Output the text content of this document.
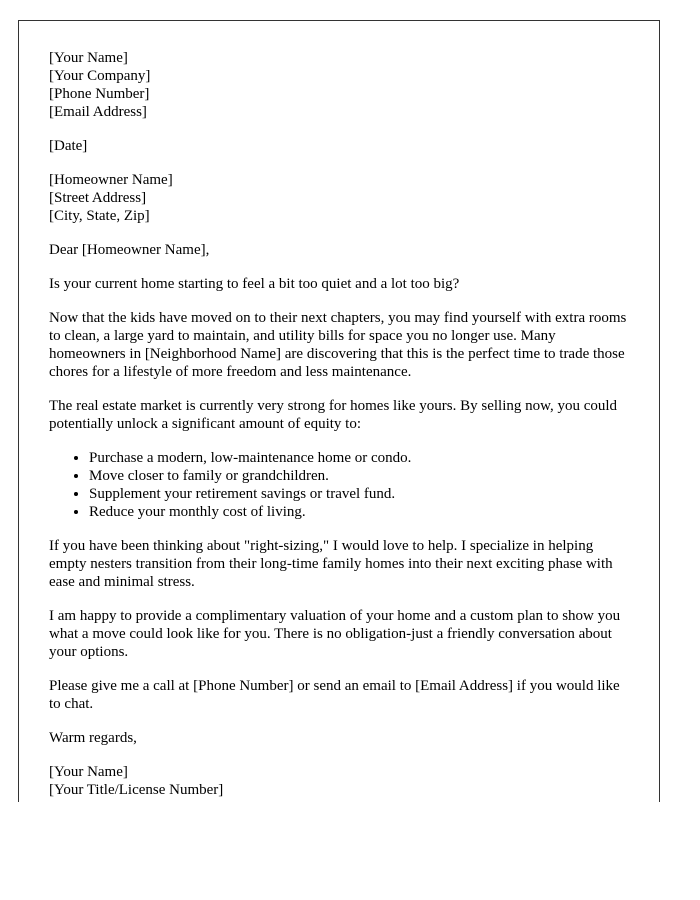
[Your Name]
[Your Company]
[Phone Number]
[Email Address]
[Date]
[Homeowner Name]
[Street Address]
[City, State, Zip]

Dear [Homeowner Name],

Is your current home starting to feel a bit too quiet and a lot too big?

Now that the kids have moved on to their next chapters, you may find yourself with extra rooms to clean, a large yard to maintain, and utility bills for space you no longer use. Many homeowners in [Neighborhood Name] are discovering that this is the perfect time to trade those chores for a lifestyle of more freedom and less maintenance.

The real estate market is currently very strong for homes like yours. By selling now, you could potentially unlock a significant amount of equity to:

• Purchase a modern, low-maintenance home or condo.
• Move closer to family or grandchildren.
• Supplement your retirement savings or travel fund.
• Reduce your monthly cost of living.

If you have been thinking about "right-sizing," I would love to help. I specialize in helping empty nesters transition from their long-time family homes into their next exciting phase with ease and minimal stress.

I am happy to provide a complimentary valuation of your home and a custom plan to show you what a move could look like for you. There is no obligation-just a friendly conversation about your options.

Please give me a call at [Phone Number] or send an email to [Email Address] if you would like to chat.

Warm regards,

[Your Name]
[Your Title/License Number]
